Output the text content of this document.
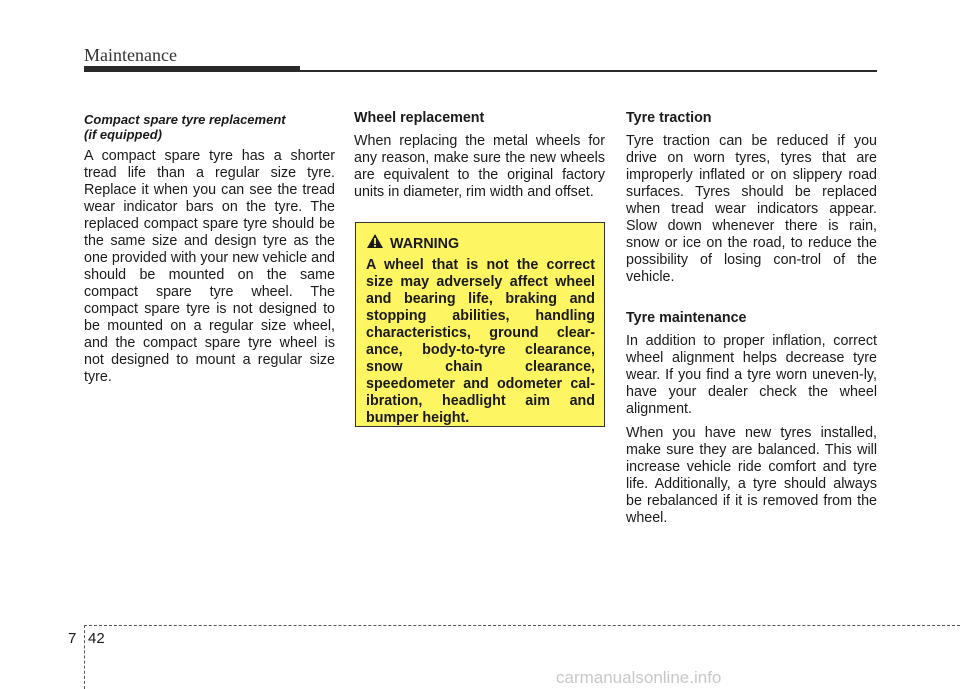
Maintenance
Compact spare tyre replacement
(if equipped)
A compact spare tyre has a shorter tread life than a regular size tyre. Replace it when you can see the tread wear indicator bars on the tyre. The replaced compact spare tyre should be the same size and design tyre as the one provided with your new vehicle and should be mounted on the same compact spare tyre wheel. The compact spare tyre is not designed to be mounted on a regular size wheel, and the compact spare tyre wheel is not designed to mount a regular size tyre.
Wheel replacement
When replacing the metal wheels for any reason, make sure the new wheels are equivalent to the original factory units in diameter, rim width and offset.
WARNING
A wheel that is not the correct size may adversely affect wheel and bearing life, braking and stopping abilities, handling characteristics, ground clear-ance, body-to-tyre clearance, snow chain clearance, speedometer and odometer cal-ibration, headlight aim and bumper height.
Tyre traction
Tyre traction can be reduced if you drive on worn tyres, tyres that are improperly inflated or on slippery road surfaces. Tyres should be replaced when tread wear indicators appear. Slow down whenever there is rain, snow or ice on the road, to reduce the possibility of losing con-trol of the vehicle.
Tyre maintenance
In addition to proper inflation, correct wheel alignment helps decrease tyre wear. If you find a tyre worn uneven-ly, have your dealer check the wheel alignment.
When you have new tyres installed, make sure they are balanced. This will increase vehicle ride comfort and tyre life. Additionally, a tyre should always be rebalanced if it is removed from the wheel.
7 42
carmanualsonline.info
